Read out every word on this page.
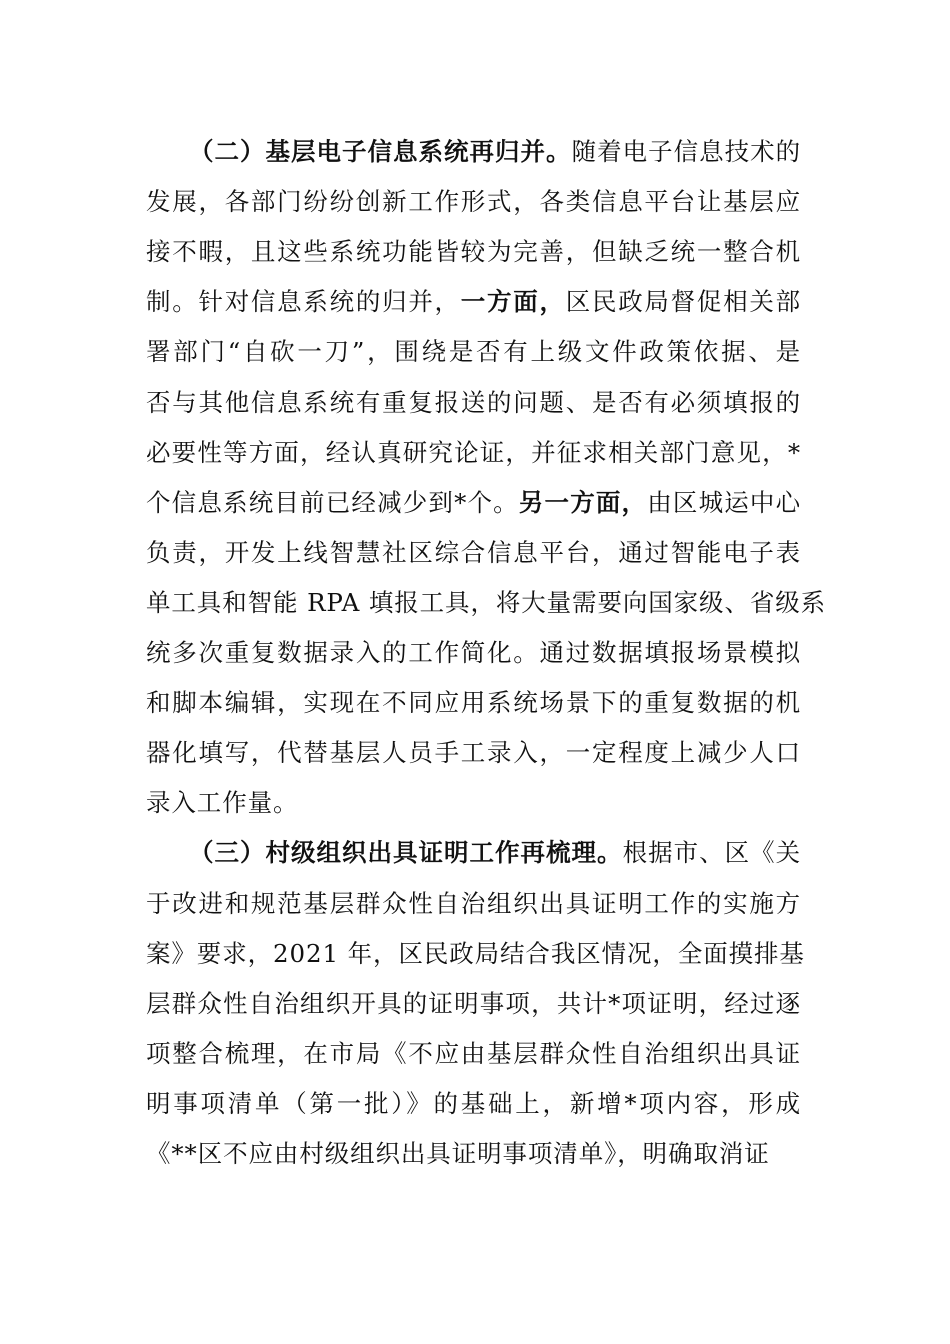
（二）基层电子信息系统再归并。随着电子信息技术的
发展，各部门纷纷创新工作形式，各类信息平台让基层应
接不暇，且这些系统功能皆较为完善，但缺乏统一整合机
制。针对信息系统的归并，一方面，区民政局督促相关部
署部门“自砍一刀”，围绕是否有上级文件政策依据、是
否与其他信息系统有重复报送的问题、是否有必须填报的
必要性等方面，经认真研究论证，并征求相关部门意见，*
个信息系统目前已经减少到*个。另一方面，由区城运中心
负责，开发上线智慧社区综合信息平台，通过智能电子表
单工具和智能 RPA 填报工具，将大量需要向国家级、省级系
统多次重复数据录入的工作简化。通过数据填报场景模拟
和脚本编辑，实现在不同应用系统场景下的重复数据的机
器化填写，代替基层人员手工录入，一定程度上减少人口
录入工作量。
（三）村级组织出具证明工作再梳理。根据市、区《关
于改进和规范基层群众性自治组织出具证明工作的实施方
案》要求，2021 年，区民政局结合我区情况，全面摸排基
层群众性自治组织开具的证明事项，共计*项证明，经过逐
项整合梳理，在市局《不应由基层群众性自治组织出具证
明事项清单（第一批）》的基础上，新增*项内容，形成
《**区不应由村级组织出具证明事项清单》，明确取消证
